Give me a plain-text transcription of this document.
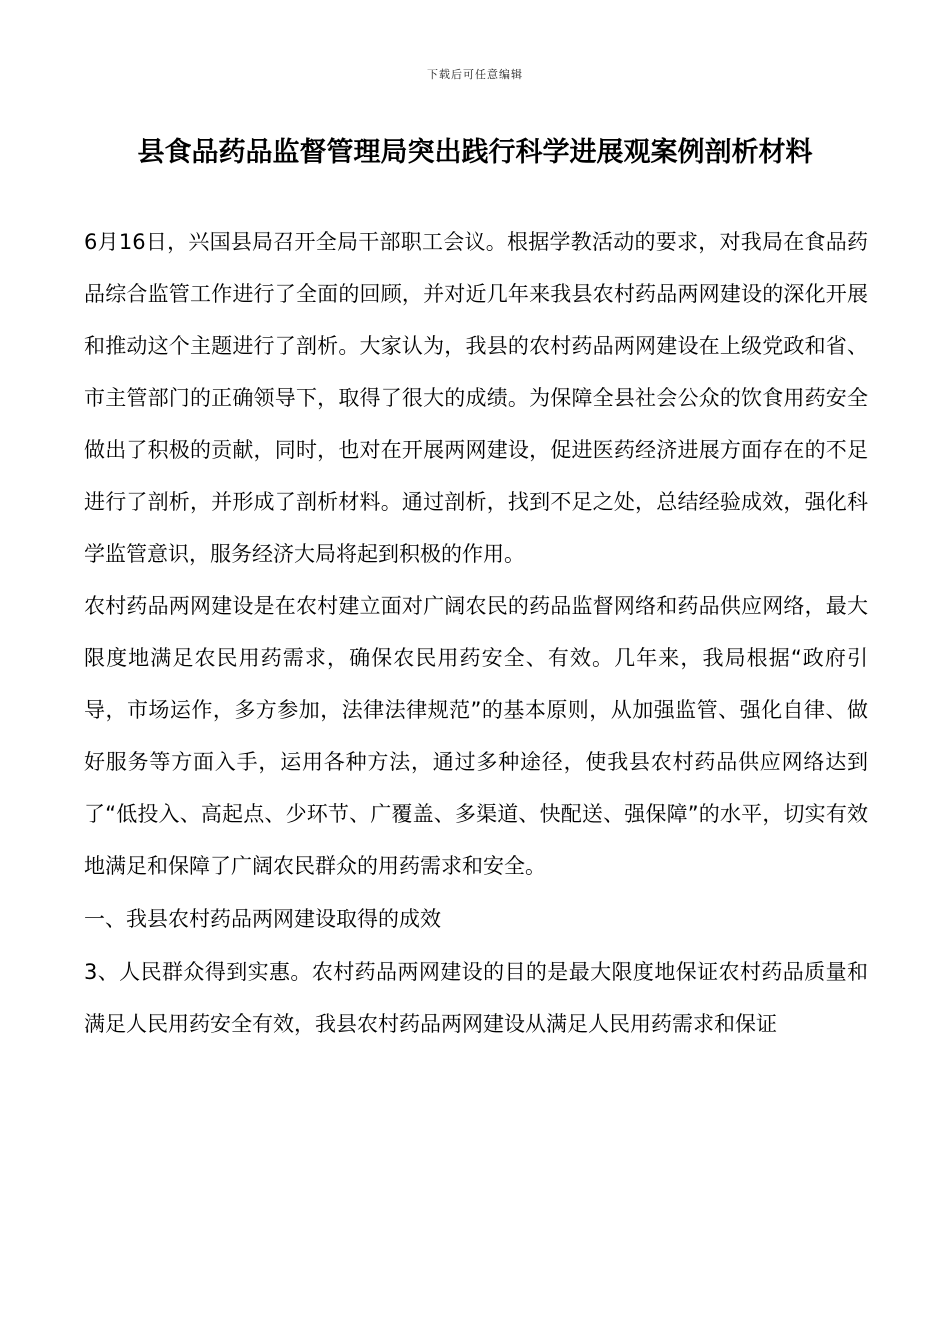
下载后可任意编辑
县食品药品监督管理局突出践行科学进展观案例剖析材料

6月16日，兴国县局召开全局干部职工会议。根据学教活动的要求，对我局在食品药品综合监管工作进行了全面的回顾，并对近几年来我县农村药品两网建设的深化开展和推动这个主题进行了剖析。大家认为，我县的农村药品两网建设在上级党政和省、市主管部门的正确领导下，取得了很大的成绩。为保障全县社会公众的饮食用药安全做出了积极的贡献，同时，也对在开展两网建设，促进医药经济进展方面存在的不足进行了剖析，并形成了剖析材料。通过剖析，找到不足之处，总结经验成效，强化科学监管意识，服务经济大局将起到积极的作用。

农村药品两网建设是在农村建立面对广阔农民的药品监督网络和药品供应网络，最大限度地满足农民用药需求，确保农民用药安全、有效。几年来，我局根据“政府引导，市场运作，多方参加，法律法律规范”的基本原则，从加强监管、强化自律、做好服务等方面入手，运用各种方法，通过多种途径，使我县农村药品供应网络达到了“低投入、高起点、少环节、广覆盖、多渠道、快配送、强保障”的水平，切实有效地满足和保障了广阔农民群众的用药需求和安全。

一、我县农村药品两网建设取得的成效

3、人民群众得到实惠。农村药品两网建设的目的是最大限度地保证农村药品质量和满足人民用药安全有效，我县农村药品两网建设从满足人民用药需求和保证
